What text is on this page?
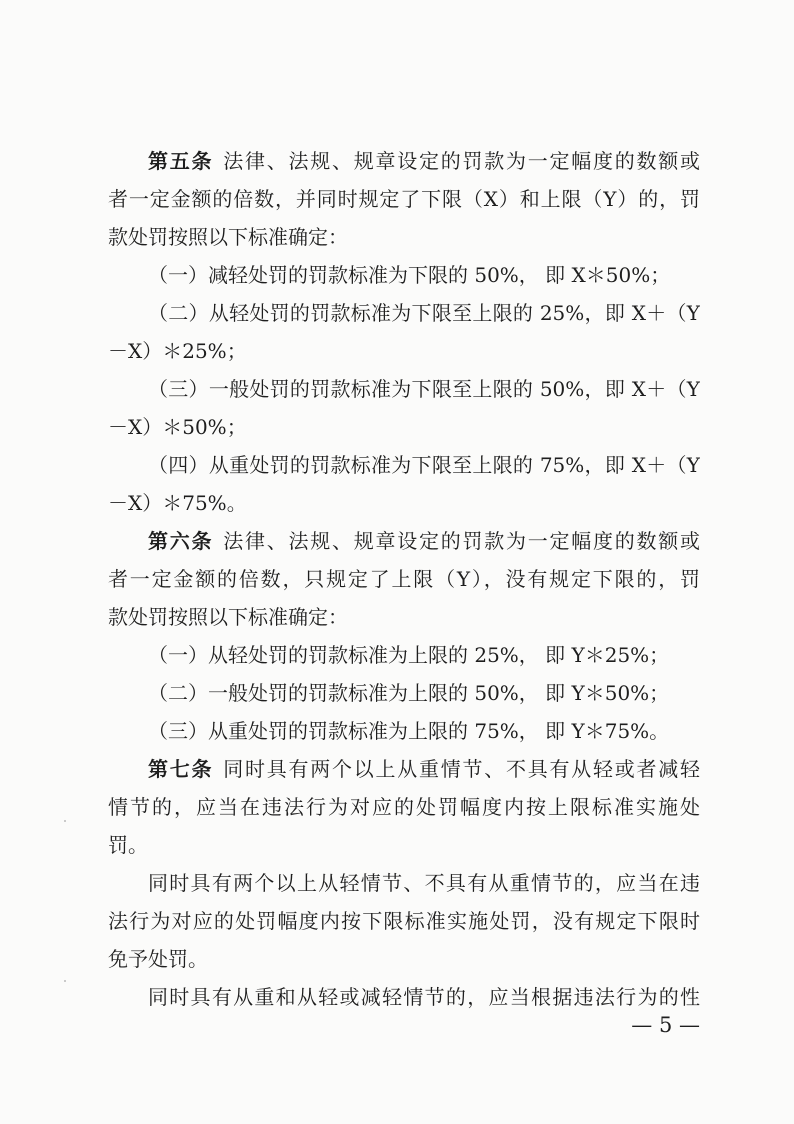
第五条 法律、法规、规章设定的罚款为一定幅度的数额或
者一定金额的倍数，并同时规定了下限（X）和上限（Y）的，罚
款处罚按照以下标准确定：
（一）减轻处罚的罚款标准为下限的 50%， 即 X＊50%；
（二）从轻处罚的罚款标准为下限至上限的 25%，即 X＋（Y
－X）＊25%；
（三）一般处罚的罚款标准为下限至上限的 50%，即 X＋（Y
－X）＊50%；
（四）从重处罚的罚款标准为下限至上限的 75%，即 X＋（Y
－X）＊75%。
第六条 法律、法规、规章设定的罚款为一定幅度的数额或
者一定金额的倍数，只规定了上限（Y），没有规定下限的，罚
款处罚按照以下标准确定：
（一）从轻处罚的罚款标准为上限的 25%， 即 Y＊25%；
（二）一般处罚的罚款标准为上限的 50%， 即 Y＊50%；
（三）从重处罚的罚款标准为上限的 75%， 即 Y＊75%。
第七条 同时具有两个以上从重情节、不具有从轻或者减轻
情节的，应当在违法行为对应的处罚幅度内按上限标准实施处
罚。
同时具有两个以上从轻情节、不具有从重情节的，应当在违
法行为对应的处罚幅度内按下限标准实施处罚，没有规定下限时
免予处罚。
同时具有从重和从轻或减轻情节的，应当根据违法行为的性
— 5 —
